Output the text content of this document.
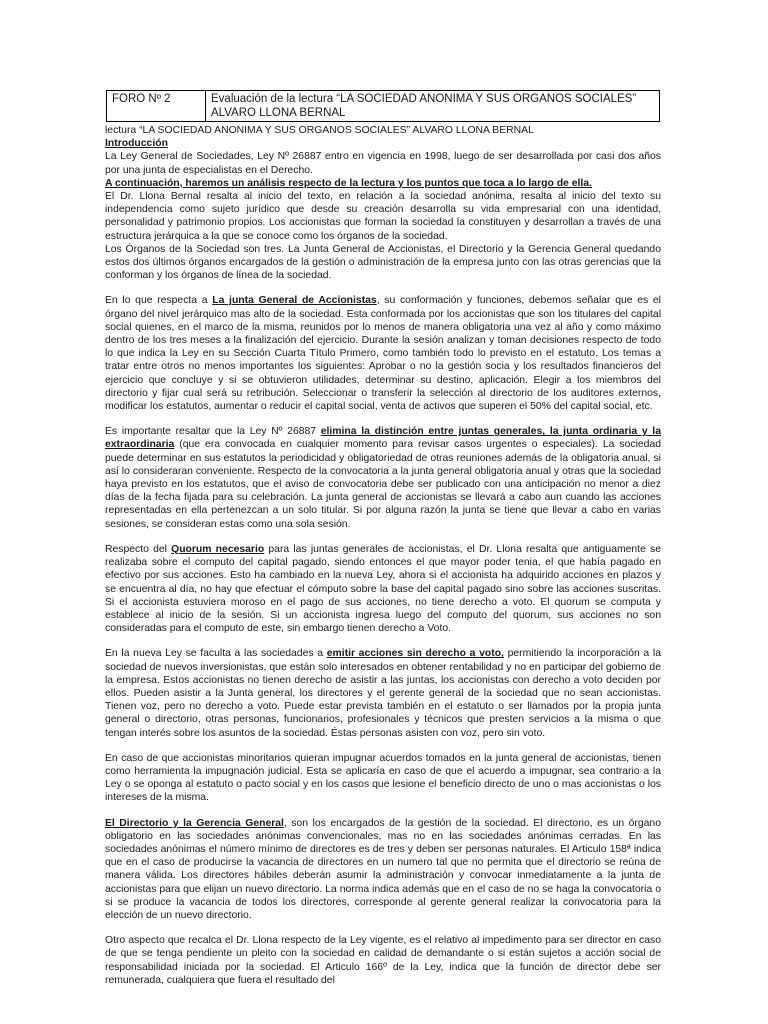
FORO Nº 2	Evaluación de la lectura “LA SOCIEDAD ANONIMA Y SUS ORGANOS SOCIALES” ALVARO LLONA BERNAL

lectura “LA SOCIEDAD ANONIMA Y SUS ORGANOS SOCIALES” ALVARO LLONA BERNAL

Introducción

La Ley General de Sociedades, Ley Nº 26887 entro en vigencia en 1998, luego de ser desarrollada por casi dos años por una junta de especialistas en el Derecho.

A continuación, haremos un análisis respecto de la lectura y los puntos que toca a lo largo de ella.

El Dr. Llona Bernal resalta al inicio del texto, en relación a la sociedad anónima, resalta al inicio del texto su independencia como sujeto jurídico que desde su creación desarrolla su vida empresarial con una identidad, personalidad y patrimonio propios. Los accionistas que forman la sociedad la constituyen y desarrollan a través de una estructura jerárquica a la que se conoce como los órganos de la sociedad.

Los Órganos de la Sociedad son tres. La Junta General de Accionistas, el Directorio y la Gerencia General quedando estos dos últimos órganos encargados de la gestión o administración de la empresa junto con las otras gerencias que la conforman y los órganos de línea de la sociedad.

En lo que respecta a La junta General de Accionistas, su conformación y funciones, debemos señalar que es el órgano del nivel jerárquico mas alto de la sociedad. Esta conformada por los accionistas que son los titulares del capital social quienes, en el marco de la misma, reunidos por lo menos de manera obligatoria una vez al año y como máximo dentro de los tres meses a la finalización del ejercicio. Durante la sesión analizan y toman decisiones respecto de todo lo que indica la Ley en su Sección Cuarta Título Primero, como también todo lo previsto en el estatuto. Los temas a tratar entre otros no menos importantes los siguientes: Aprobar o no la gestión socia y los resultados financieros del ejercicio que concluye y si se obtuvieron utilidades, determinar su destino, aplicación. Elegir a los miembros del directorio y fijar cual será su retribución. Seleccionar o transferir la selección al directorio de los auditores externos, modificar los estatutos, aumentar o reducir el capital social, venta de activos que superen el 50% del capital social, etc.

Es importante resaltar que la Ley Nº 26887 elimina la distinción entre juntas generales, la junta ordinaria y la extraordinaria (que era convocada en cualquier momento para revisar casos urgentes o especiales). La sociedad puede determinar en sus estatutos la periodicidad y obligatoriedad de otras reuniones además de la obligatoria anual, si así lo consideraran conveniente. Respecto de la convocatoria a la junta general obligatoria anual y otras que la sociedad haya previsto en los estatutos, que el aviso de convocatoria debe ser publicado con una anticipación no menor a diez días de la fecha fijada para su celebración. La junta general de accionistas se llevará a cabo aun cuando las acciones representadas en ella pertenezcan a un solo titular. Si por alguna razón la junta se tiene que llevar a cabo en varias sesiones, se consideran estas como una sola sesión.

Respecto del Quorum necesario para las juntas generales de accionistas, el Dr. Llona resalta que antiguamente se realizaba sobre el computo del capital pagado, siendo entonces el que mayor poder tenia, el que había pagado en efectivo por sus acciones. Esto ha cambiado en la nueva Ley, ahora si el accionista ha adquirido acciones en plazos y se encuentra al día, no hay que efectuar el cómputo sobre la base del capital pagado sino sobre las acciones suscritas. Si el accionista estuviera moroso en el pago de sus acciones, no tiene derecho a voto. El quorum se computa y establece al inicio de la sesión. Si un accionista ingresa luego del computo del quorum, sus acciones no son consideradas para el computo de este, sin embargo tienen derecho a Voto.

En la nueva Ley se faculta a las sociedades a emitir acciones sin derecho a voto, permitiendo la incorporación a la sociedad de nuevos inversionistas, que están solo interesados en obtener rentabilidad y no en participar del gobierno de la empresa. Estos accionistas no tienen derecho de asistir a las juntas, los accionistas con derecho a voto deciden por ellos. Pueden asistir a la Junta general, los directores y el gerente general de la sociedad que no sean accionistas. Tienen voz, pero no derecho a voto. Puede estar prevista también en el estatuto o ser llamados por la propia junta general o directorio, otras personas, funcionarios, profesionales y técnicos que presten servicios a la misma o que tengan interés sobre los asuntos de la sociedad. Éstas personas asisten con voz, pero sin voto.

En caso de que accionistas minoritarios quieran impugnar acuerdos tomados en la junta general de accionistas, tienen como herramienta la impugnación judicial. Esta se aplicaría en caso de que el acuerdo a impugnar, sea contrario a la Ley o se oponga al estatuto o pacto social y en los casos que lesione el beneficio directo de uno o mas accionistas o los intereses de la misma.

El Directorio y la Gerencia General, son los encargados de la gestión de la sociedad. El directorio, es un órgano obligatorio en las sociedades anónimas convencionales, mas no en las sociedades anónimas cerradas. En las sociedades anónimas el número mínimo de directores es de tres y deben ser personas naturales. El Articulo 158ª indica que en el caso de producirse la vacancia de directores en un numero tal que no permita que el directorio se reúna de manera válida. Los directores hábiles deberán asumir la administración y convocar inmediatamente a la junta de accionistas para que elijan un nuevo directorio. La norma indica además que en el caso de no se haga la convocatoria o si se produce la vacancia de todos los directores, corresponde al gerente general realizar la convocatoria para la elección de un nuevo directorio.

Otro aspecto que recalca el Dr. Llona respecto de la Ley vigente, es el relativo al impedimento para ser director en caso de que se tenga pendiente un pleito con la sociedad en calidad de demandante o si están sujetos a acción social de responsabilidad iniciada por la sociedad. El Articulo 166º de la Ley, indica que la función de director debe ser remunerada, cualquiera que fuera el resultado del
